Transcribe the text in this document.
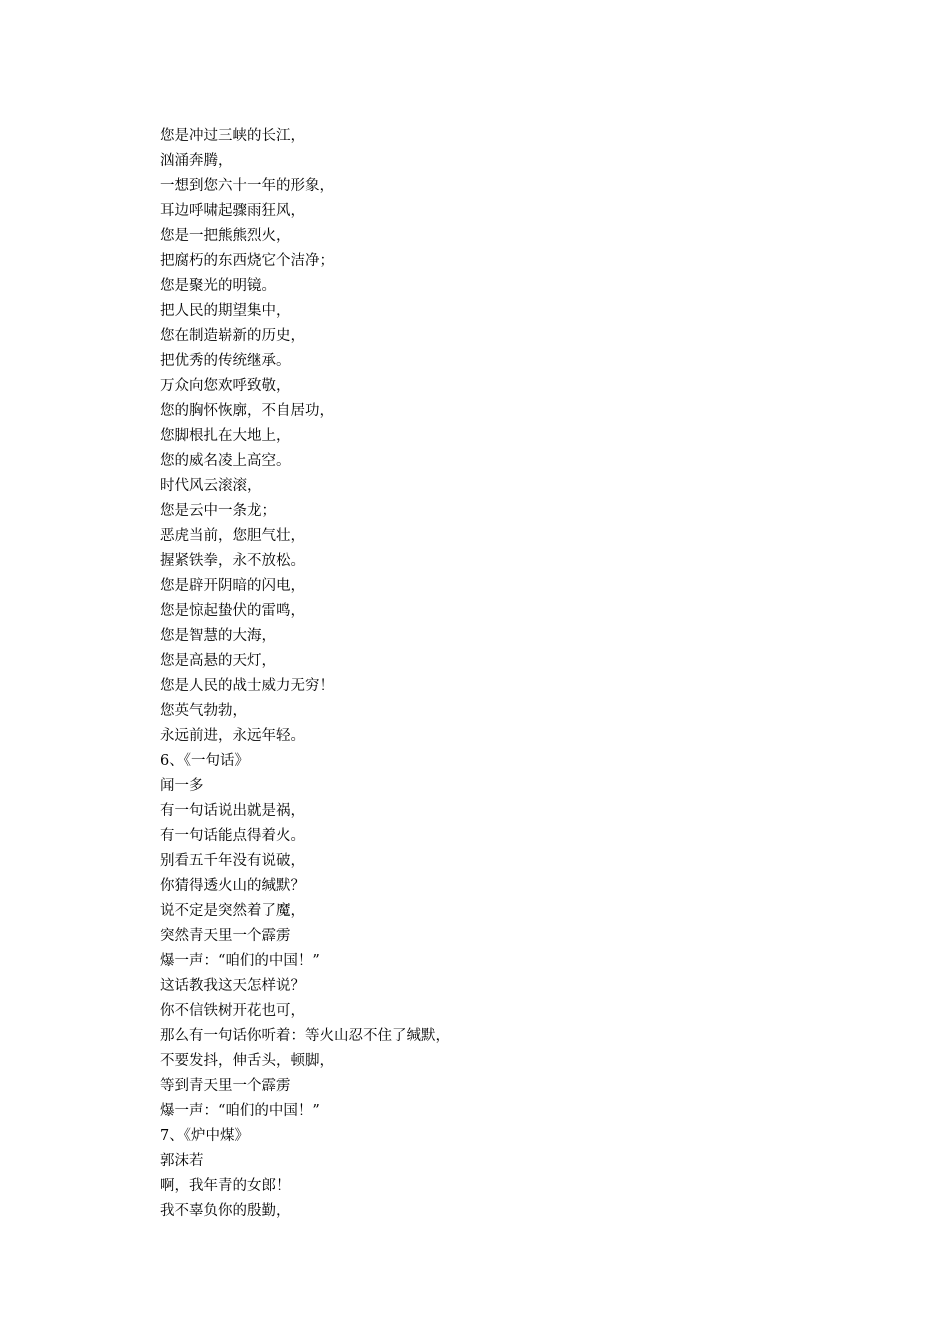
您是冲过三峡的长江，
汹涌奔腾，
一想到您六十一年的形象，
耳边呼啸起骤雨狂风，
您是一把熊熊烈火，
把腐朽的东西烧它个洁净；
您是聚光的明镜。
把人民的期望集中，
您在制造崭新的历史，
把优秀的传统继承。
万众向您欢呼致敬，
您的胸怀恢廓，不自居功，
您脚根扎在大地上，
您的威名凌上高空。
时代风云滚滚，
您是云中一条龙；
恶虎当前，您胆气壮，
握紧铁拳，永不放松。
您是辟开阴暗的闪电，
您是惊起蛰伏的雷鸣，
您是智慧的大海，
您是高悬的天灯，
您是人民的战士威力无穷！
您英气勃勃，
永远前进，永远年轻。
6、《一句话》
闻一多
有一句话说出就是祸，
有一句话能点得着火。
别看五千年没有说破，
你猜得透火山的缄默？
说不定是突然着了魔，
突然青天里一个霹雳
爆一声：“咱们的中国！”
这话教我这天怎样说？
你不信铁树开花也可，
那么有一句话你听着：等火山忍不住了缄默，
不要发抖，伸舌头，顿脚，
等到青天里一个霹雳
爆一声：“咱们的中国！”
7、《炉中煤》
郭沫若
啊，我年青的女郎！
我不辜负你的殷勤，
